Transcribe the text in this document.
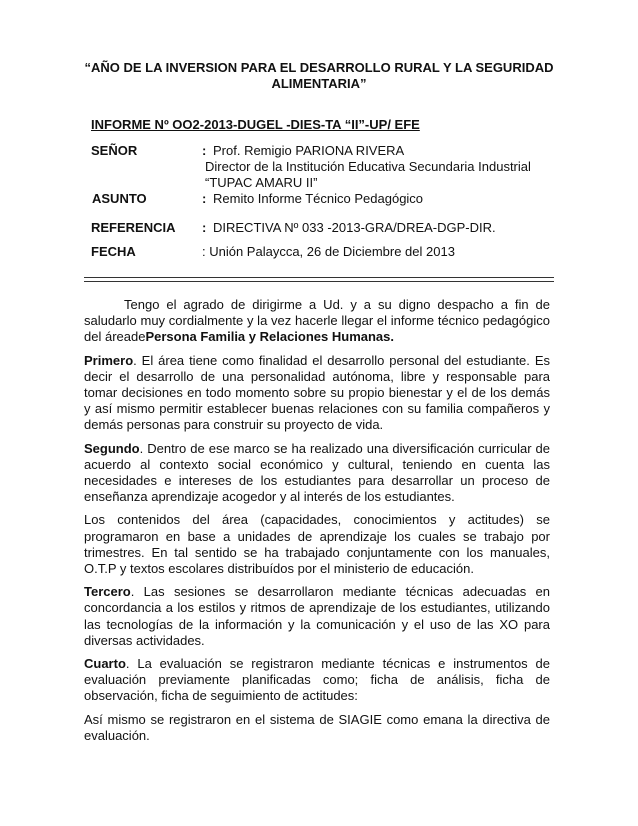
“AÑO DE LA INVERSION PARA EL DESARROLLO RURAL Y LA SEGURIDAD ALIMENTARIA”
INFORME Nº OO2-2013-DUGEL -DIES-TA “II”-UP/ EFE
SEÑOR	: Prof. Remigio PARIONA RIVERA
Director de la Institución Educativa Secundaria Industrial
“TUPAC AMARU II”
ASUNTO	: Remito Informe Técnico Pedagógico
REFERENCIA : DIRECTIVA Nº 033 -2013-GRA/DREA-DGP-DIR.
FECHA	: Unión Palaycca, 26 de Diciembre del 2013

Tengo el agrado de dirigirme a Ud. y a su digno despacho a fin de saludarlo muy cordialmente y la vez hacerle llegar el informe técnico pedagógico del áreadePersona Familia y Relaciones Humanas.

Primero. El área tiene como finalidad el desarrollo personal del estudiante. Es decir el desarrollo de una personalidad autónoma, libre y responsable para tomar decisiones en todo momento sobre su propio bienestar y el de los demás y así mismo permitir establecer buenas relaciones con su familia compañeros y demás personas para construir su proyecto de vida.

Segundo. Dentro de ese marco se ha realizado una diversificación curricular de acuerdo al contexto social económico y cultural, teniendo en cuenta las necesidades e intereses de los estudiantes para desarrollar un proceso de enseñanza aprendizaje acogedor y al interés de los estudiantes.

Los contenidos del área (capacidades, conocimientos y actitudes) se programaron en base a unidades de aprendizaje los cuales se trabajo por trimestres. En tal sentido se ha trabajado conjuntamente con los manuales, O.T.P y textos escolares distribuídos por el ministerio de educación.

Tercero. Las sesiones se desarrollaron mediante técnicas adecuadas en concordancia a los estilos y ritmos de aprendizaje de los estudiantes, utilizando las tecnologías de la información y la comunicación y el uso de las XO para diversas actividades.

Cuarto. La evaluación se registraron mediante técnicas e instrumentos de evaluación previamente planificadas como; ficha de análisis, ficha de observación, ficha de seguimiento de actitudes:

Así mismo se registraron en el sistema de SIAGIE como emana la directiva de evaluación.
